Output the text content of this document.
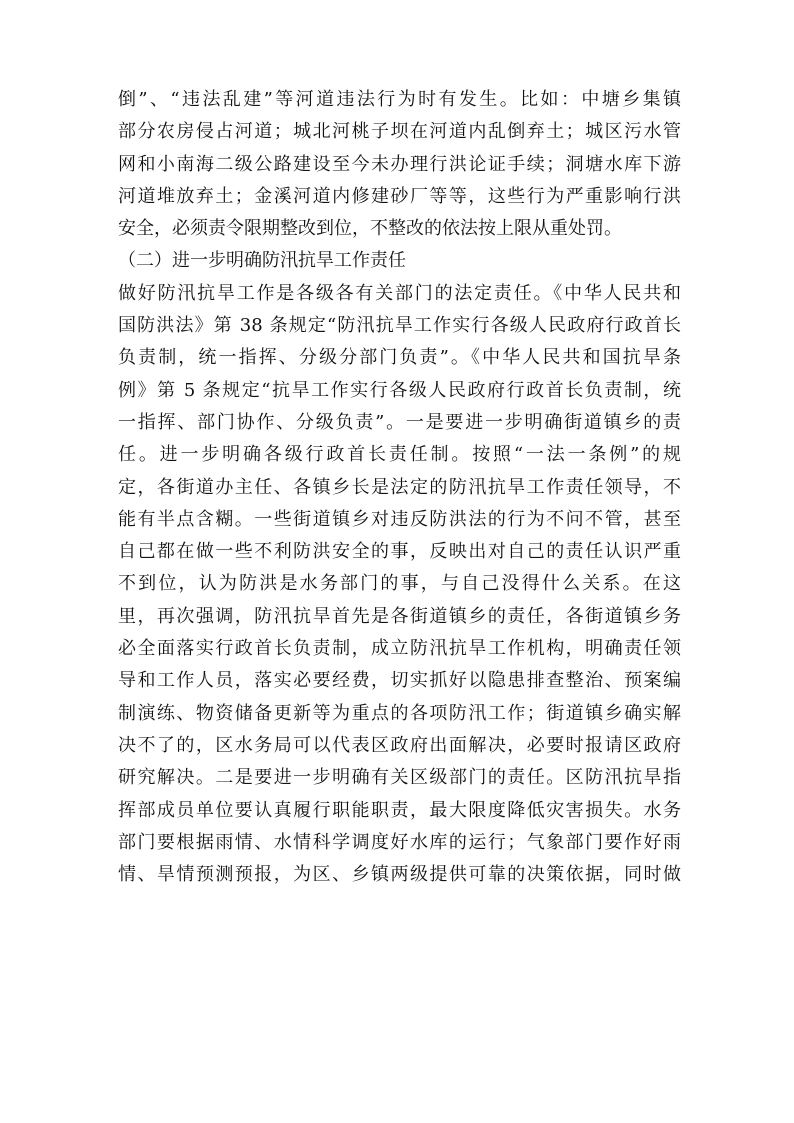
倒”、“违法乱建”等河道违法行为时有发生。比如：中塘乡集镇
部分农房侵占河道；城北河桃子坝在河道内乱倒弃土；城区污水管
网和小南海二级公路建设至今未办理行洪论证手续；洞塘水库下游
河道堆放弃土；金溪河道内修建砂厂等等，这些行为严重影响行洪
安全，必须责令限期整改到位，不整改的依法按上限从重处罚。
（二）进一步明确防汛抗旱工作责任
做好防汛抗旱工作是各级各有关部门的法定责任。《中华人民共和
国防洪法》第 38 条规定“防汛抗旱工作实行各级人民政府行政首长
负责制，统一指挥、分级分部门负责”。《中华人民共和国抗旱条
例》第 5 条规定“抗旱工作实行各级人民政府行政首长负责制，统
一指挥、部门协作、分级负责”。一是要进一步明确街道镇乡的责
任。进一步明确各级行政首长责任制。按照“一法一条例”的规
定，各街道办主任、各镇乡长是法定的防汛抗旱工作责任领导，不
能有半点含糊。一些街道镇乡对违反防洪法的行为不问不管，甚至
自己都在做一些不利防洪安全的事，反映出对自己的责任认识严重
不到位，认为防洪是水务部门的事，与自己没得什么关系。在这
里，再次强调，防汛抗旱首先是各街道镇乡的责任，各街道镇乡务
必全面落实行政首长负责制，成立防汛抗旱工作机构，明确责任领
导和工作人员，落实必要经费，切实抓好以隐患排查整治、预案编
制演练、物资储备更新等为重点的各项防汛工作；街道镇乡确实解
决不了的，区水务局可以代表区政府出面解决，必要时报请区政府
研究解决。二是要进一步明确有关区级部门的责任。区防汛抗旱指
挥部成员单位要认真履行职能职责，最大限度降低灾害损失。水务
部门要根据雨情、水情科学调度好水库的运行；气象部门要作好雨
情、旱情预测预报，为区、乡镇两级提供可靠的决策依据，同时做
